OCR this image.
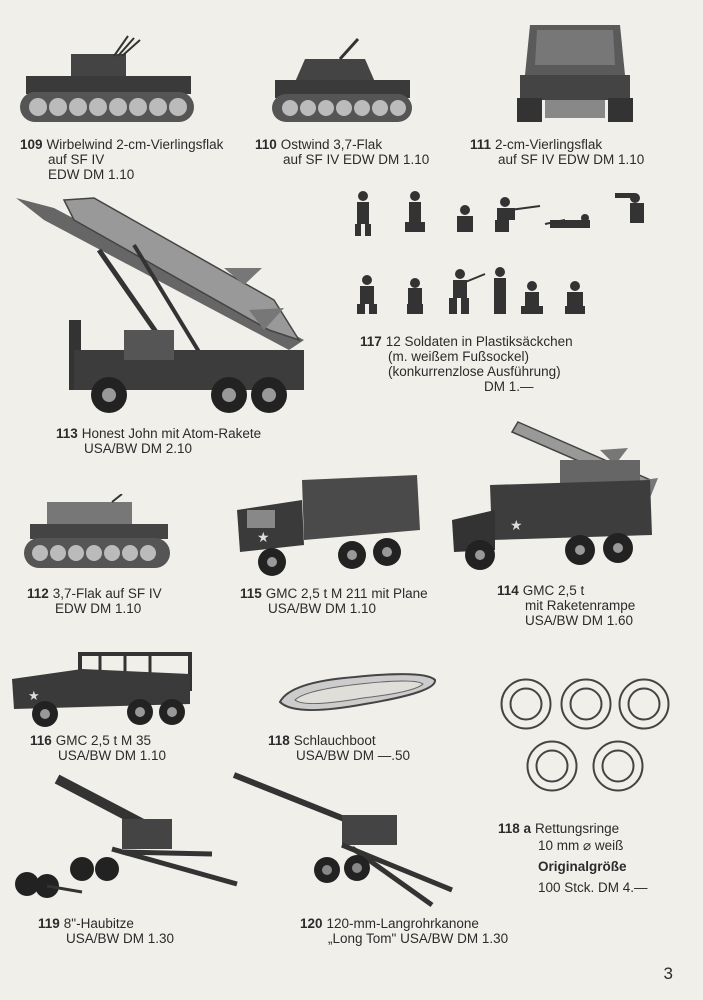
★
★
★
109 Wirbelwind 2-cm-Vierlingsflak
auf SF IV
EDW DM 1.10
110 Ostwind 3,7-Flak
auf SF IV EDW DM 1.10
111 2-cm-Vierlingsflak
auf SF IV EDW DM 1.10
113 Honest John mit Atom-Rakete
USA/BW DM 2.10
117 12 Soldaten in Plastiksäckchen
(m. weißem Fußsockel)
(konkurrenzlose Ausführung)
DM 1.—
112 3,7-Flak auf SF IV
EDW DM 1.10
115 GMC 2,5 t M 211 mit Plane
USA/BW DM 1.10
114 GMC 2,5 t
mit Raketenrampe
USA/BW DM 1.60
116 GMC 2,5 t M 35
USA/BW DM 1.10
118 Schlauchboot
USA/BW DM —.50
118 a Rettungsringe
10 mm ⌀ weiß
Originalgröße
100 Stck. DM 4.—
119 8"-Haubitze
USA/BW DM 1.30
120 120-mm-Langrohrkanone
„Long Tom" USA/BW DM 1.30
3
